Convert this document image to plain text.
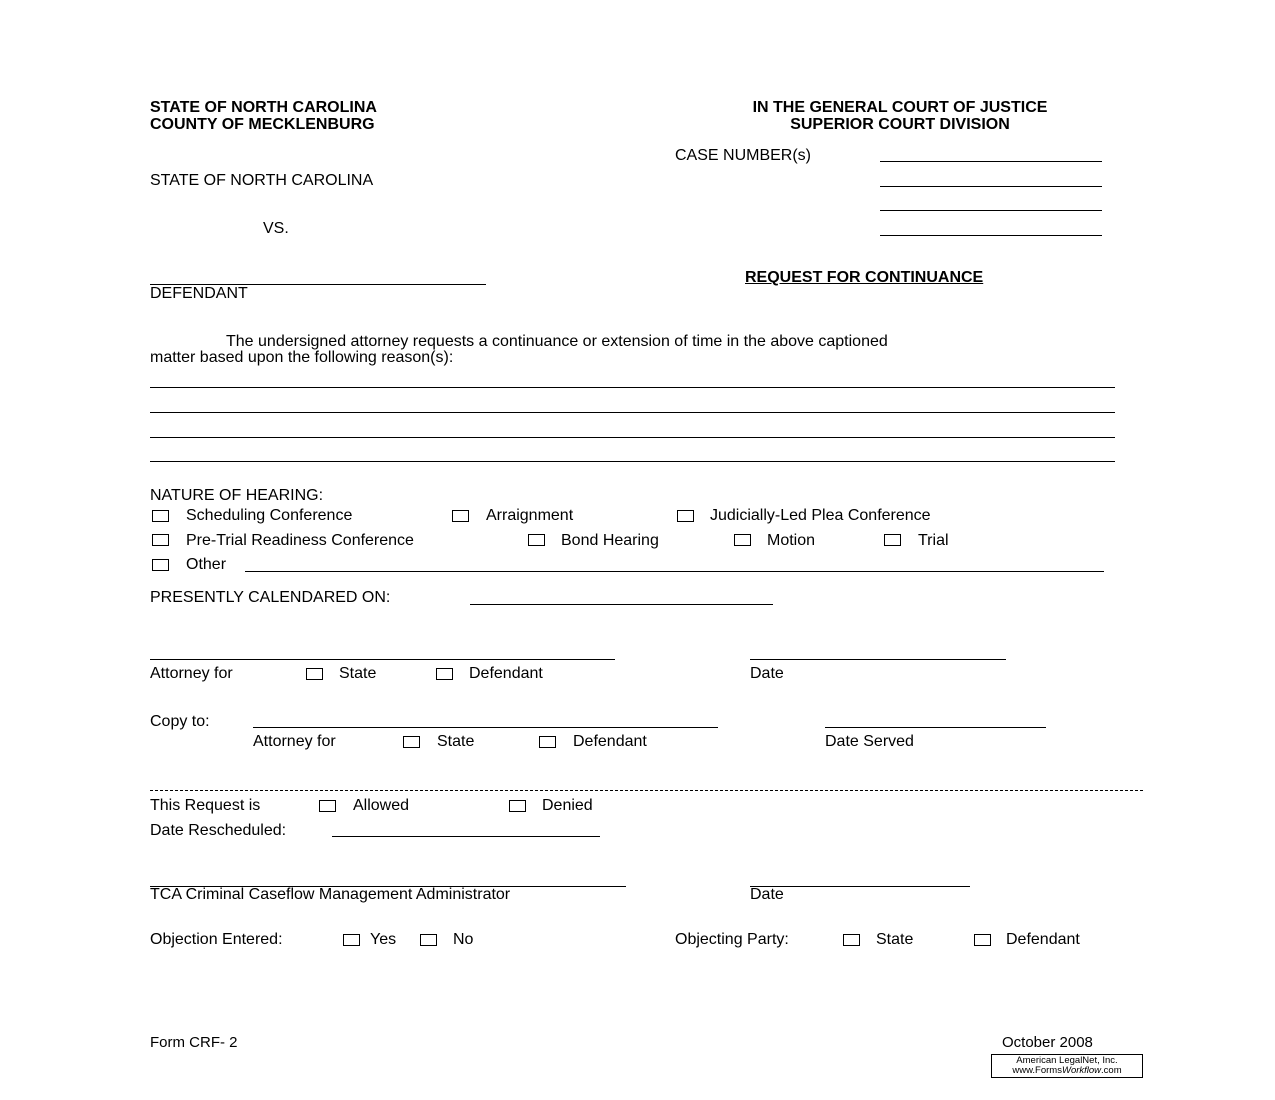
STATE OF NORTH CAROLINA
COUNTY OF MECKLENBURG
IN THE GENERAL COURT OF JUSTICE
SUPERIOR COURT DIVISION
CASE NUMBER(s)
STATE OF NORTH CAROLINA
VS.
DEFENDANT
REQUEST FOR CONTINUANCE
The undersigned attorney requests a continuance or extension of time in the above captioned
matter based upon the following reason(s):
NATURE OF HEARING:
Scheduling Conference	Arraignment	Judicially-Led Plea Conference
Pre-Trial Readiness Conference	Bond Hearing	Motion	Trial
Other
PRESENTLY CALENDARED ON:
Attorney for	State	Defendant	Date
Copy to:
Attorney for	State	Defendant	Date Served
This Request is	Allowed	Denied
Date Rescheduled:
TCA Criminal Caseflow Management Administrator	Date
Objection Entered:	Yes	No	Objecting Party:	State	Defendant
Form CRF- 2	October 2008
American LegalNet, Inc.
www.FormsWorkflow.com
